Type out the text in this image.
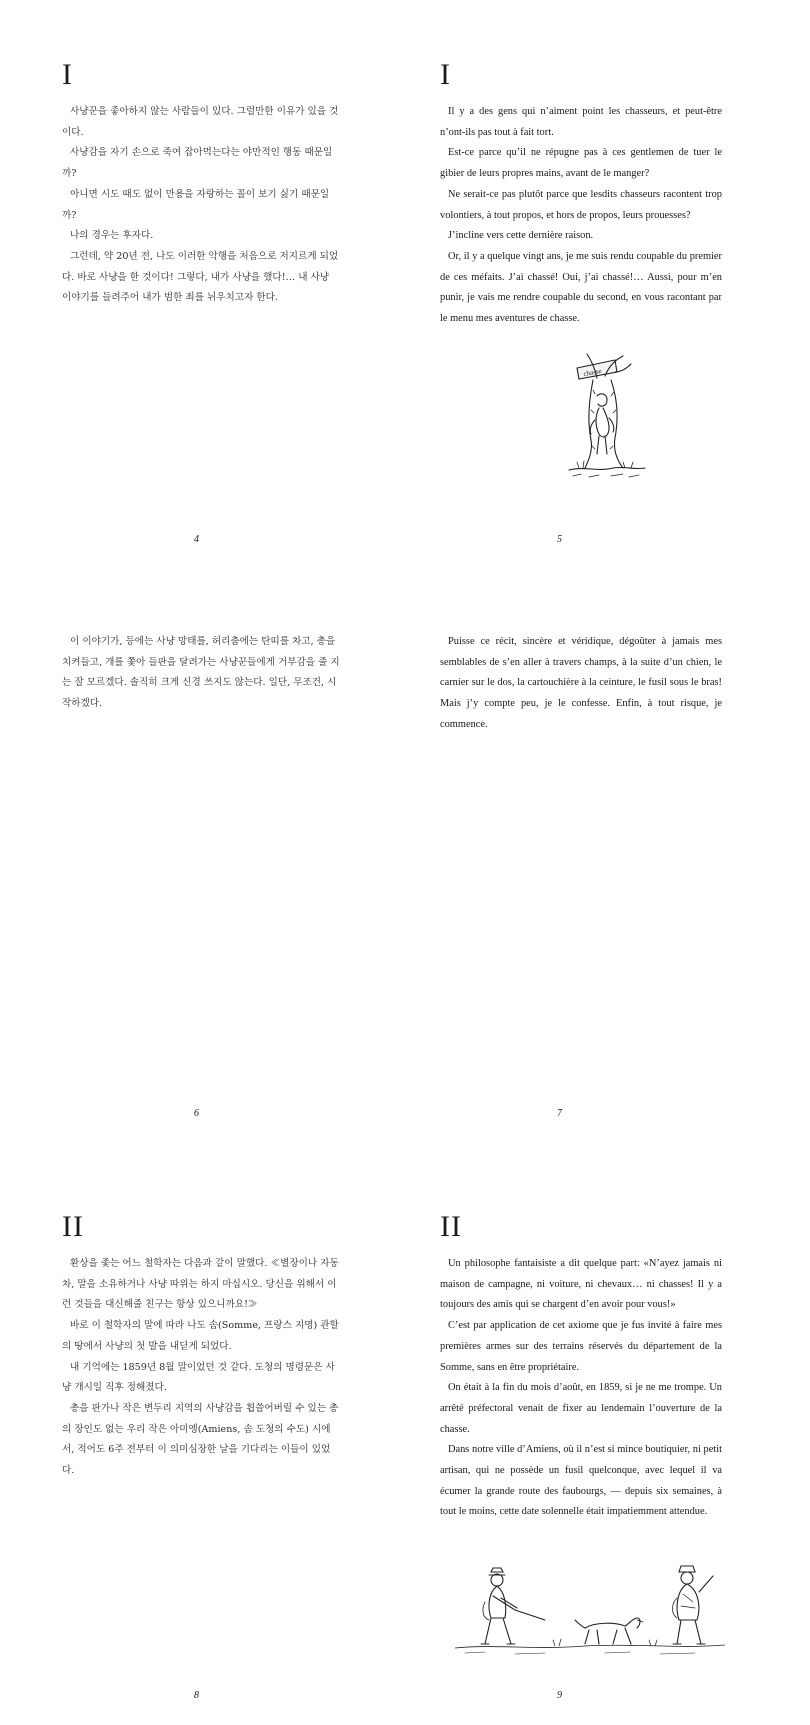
I

사냥꾼을 좋아하지 않는 사람들이 있다. 그럴만한 이유가 있을 것이다.

사냥감을 자기 손으로 죽여 잡아먹는다는 야만적인 행동 때문일까?

아니면 시도 때도 없이 만용을 자랑하는 꼴이 보기 싫기 때문일까?

나의 경우는 후자다.

그런데, 약 20년 전, 나도 이러한 악행을 처음으로 저지르게 되었다. 바로 사냥을 한 것이다! 그렇다, 내가 사냥을 했다!… 내 사냥 이야기를 들려주어 내가 범한 죄를 뉘우치고자 한다.

4
I

Il y a des gens qui n’aiment point les chasseurs, et peut-être n’ont-ils pas tout à fait tort.

Est-ce parce qu’il ne répugne pas à ces gentlemen de tuer le gibier de leurs propres mains, avant de le manger?

Ne serait-ce pas plutôt parce que lesdits chasseurs racontent trop volontiers, à tout propos, et hors de propos, leurs prouesses?

J’incline vers cette dernière raison.

Or, il y a quelque vingt ans, je me suis rendu coupable du premier de ces méfaits. J’ai chassé! Oui, j’ai chassé!… Aussi, pour m’en punir, je vais me rendre coupable du second, en vous racontant par le menu mes aventures de chasse.

chasse
5

이 이야기가, 등에는 사냥 망태를, 허리춤에는 탄띠를 차고, 총을 치켜들고, 개를 쫓아 들판을 달려가는 사냥꾼들에게 거부감을 줄 지는 잘 모르겠다. 솔직히 크게 신경 쓰지도 않는다. 일단, 무조건, 시작하겠다.

6

Puisse ce récit, sincère et véridique, dégoûter à jamais mes semblables de s’en aller à travers champs, à la suite d’un chien, le carnier sur le dos, la cartouchière à la ceinture, le fusil sous le bras! Mais j’y compte peu, je le confesse. Enfin, à tout risque, je commence.

7
II

환상을 좇는 어느 철학자는 다음과 같이 말했다. ≪별장이나 자동차, 말을 소유하거나 사냥 따위는 하지 마십시오. 당신을 위해서 이런 것들을 대신해줄 친구는 항상 있으니까요!≫

바로 이 철학자의 말에 따라 나도 솜(Somme, 프랑스 지명) 관할의 땅에서 사냥의 첫 발을 내딛게 되었다.

내 기억에는 1859년 8월 말이었던 것 같다. 도청의 명령문은 사냥 개시일 직후 정해졌다.

총을 판가나 작은 변두리 지역의 사냥감을 휩쓸어버릴 수 있는 총의 장인도 없는 우리 작은 아미엥(Amiens, 솜 도청의 수도) 시에서, 적어도 6주 전부터 이 의미심장한 날을 기다리는 이들이 있었다.

8
II

Un philosophe fantaisiste a dit quelque part: «N’ayez jamais ni maison de campagne, ni voiture, ni chevaux… ni chasses! Il y a toujours des amis qui se chargent d’en avoir pour vous!»

C’est par application de cet axiome que je fus invité à faire mes premières armes sur des terrains réservés du département de la Somme, sans en être propriétaire.

On était à la fin du mois d’août, en 1859, si je ne me trompe. Un arrêté préfectoral venait de fixer au lendemain l’ouverture de la chasse.

Dans notre ville d’Amiens, où il n’est si mince boutiquier, ni petit artisan, qui ne possède un fusil quelconque, avec lequel il va écumer la grande route des faubourgs, — depuis six semaines, à tout le moins, cette date solennelle était impatiemment attendue.

9
